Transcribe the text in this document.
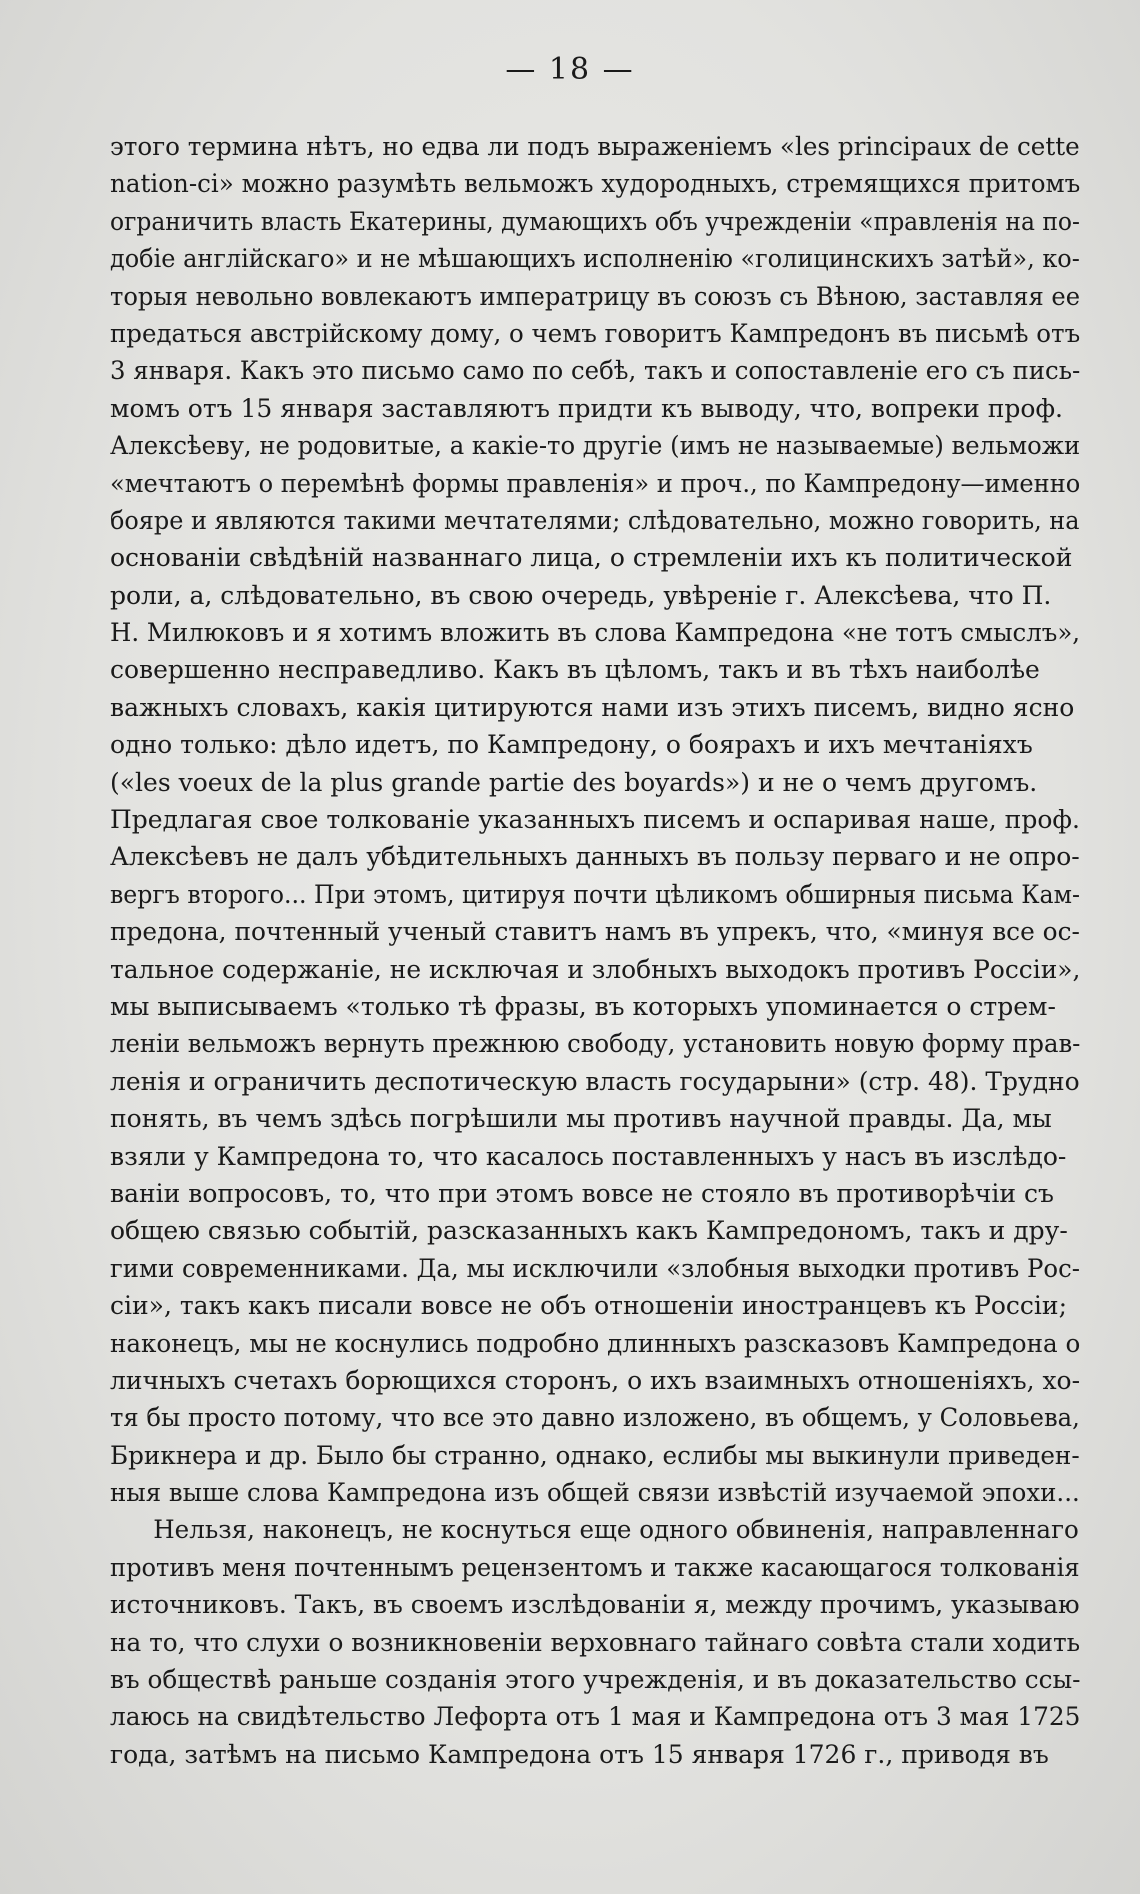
— 18 —
этого термина нѣтъ, но едва ли подъ выраженіемъ «les principaux de cette
nation-ci» можно разумѣть вельможъ худородныхъ, стремящихся притомъ
ограничить власть Екатерины, думающихъ объ учрежденіи «правленія на по-
добіе англійскаго» и не мѣшающихъ исполненію «голицинскихъ затѣй», ко-
торыя невольно вовлекаютъ императрицу въ союзъ съ Вѣною, заставляя ее
предаться австрійскому дому, о чемъ говоритъ Кампредонъ въ письмѣ отъ
3 января. Какъ это письмо само по себѣ, такъ и сопоставленіе его съ пись-
момъ отъ 15 января заставляютъ придти къ выводу, что, вопреки проф.
Алексѣеву, не родовитые, а какіе-то другіе (имъ не называемые) вельможи
«мечтаютъ о перемѣнѣ формы правленія» и проч., по Кампредону—именно
бояре и являются такими мечтателями; слѣдовательно, можно говорить, на
основаніи свѣдѣній названнаго лица, о стремленіи ихъ къ политической
роли, а, слѣдовательно, въ свою очередь, увѣреніе г. Алексѣева, что П.
Н. Милюковъ и я хотимъ вложить въ слова Кампредона «не тотъ смыслъ»,
совершенно несправедливо. Какъ въ цѣломъ, такъ и въ тѣхъ наиболѣе
важныхъ словахъ, какія цитируются нами изъ этихъ писемъ, видно ясно
одно только: дѣло идетъ, по Кампредону, о боярахъ и ихъ мечтаніяхъ
(«les voeux de la plus grande partie des boyards») и не о чемъ другомъ.
Предлагая свое толкованіе указанныхъ писемъ и оспаривая наше, проф.
Алексѣевъ не далъ убѣдительныхъ данныхъ въ пользу перваго и не опро-
вергъ второго... При этомъ, цитируя почти цѣликомъ обширныя письма Кам-
предона, почтенный ученый ставитъ намъ въ упрекъ, что, «минуя все ос-
тальное содержаніе, не исключая и злобныхъ выходокъ противъ Россіи»,
мы выписываемъ «только тѣ фразы, въ которыхъ упоминается о стрем-
леніи вельможъ вернуть прежнюю свободу, установить новую форму прав-
ленія и ограничить деспотическую власть государыни» (стр. 48). Трудно
понять, въ чемъ здѣсь погрѣшили мы противъ научной правды. Да, мы
взяли у Кампредона то, что касалось поставленныхъ у насъ въ изслѣдо-
ваніи вопросовъ, то, что при этомъ вовсе не стояло въ противорѣчіи съ
общею связью событій, разсказанныхъ какъ Кампредономъ, такъ и дру-
гими современниками. Да, мы исключили «злобныя выходки противъ Рос-
сіи», такъ какъ писали вовсе не объ отношеніи иностранцевъ къ Россіи;
наконецъ, мы не коснулись подробно длинныхъ разсказовъ Кампредона о
личныхъ счетахъ борющихся сторонъ, о ихъ взаимныхъ отношеніяхъ, хо-
тя бы просто потому, что все это давно изложено, въ общемъ, у Соловьева,
Брикнера и др. Было бы странно, однако, еслибы мы выкинули приведен-
ныя выше слова Кампредона изъ общей связи извѣстій изучаемой эпохи...
Нельзя, наконецъ, не коснуться еще одного обвиненія, направленнаго
противъ меня почтеннымъ рецензентомъ и также касающагося толкованія
источниковъ. Такъ, въ своемъ изслѣдованіи я, между прочимъ, указываю
на то, что слухи о возникновеніи верховнаго тайнаго совѣта стали ходить
въ обществѣ раньше созданія этого учрежденія, и въ доказательство ссы-
лаюсь на свидѣтельство Лефорта отъ 1 мая и Кампредона отъ 3 мая 1725
года, затѣмъ на письмо Кампредона отъ 15 января 1726 г., приводя въ
